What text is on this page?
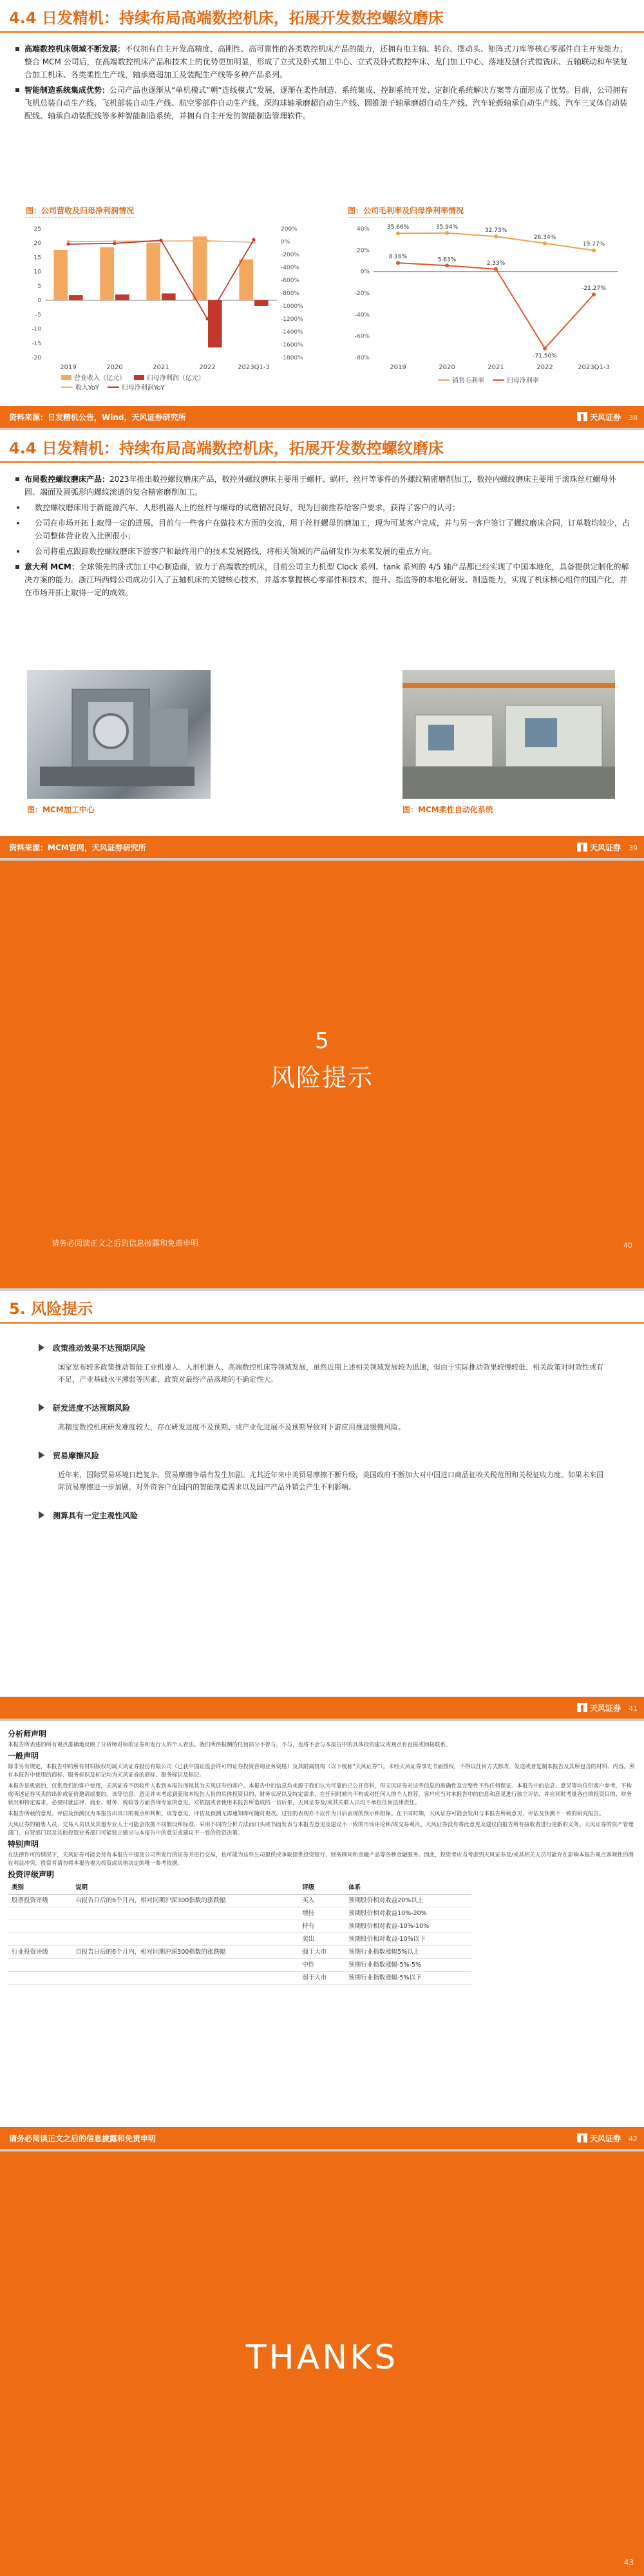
4.4 日发精机：持续布局高端数控机床，拓展开发数控螺纹磨床
高端数控机床领域不断发展：不仅拥有自主开发高精度、高刚性、高可靠性的各类数控机床产品的能力，还拥有电主轴、转台、摆动头、矩阵式刀库等核心零部件自主开发能力；整合 MCM 公司后，在高端数控机床产品和技术上的优势更加明显，形成了立式及卧式加工中心、立式及卧式数控车床、龙门加工中心、落地及刨台式镗铣床、五轴联动和车铣复合加工机床、各类柔性生产线，轴承磨超加工及装配生产线等多种产品系列。
智能制造系统集成优势：公司产品也逐渐从“单机模式”朝“连线模式”发展，逐渐在柔性制造、系统集成、控制系统开发、定制化系统解决方案等方面形成了优势。目前，公司拥有飞机总装自动生产线、飞机部装自动生产线、航空零部件自动生产线、深沟球轴承磨超自动生产线、圆锥滚子轴承磨超自动生产线、汽车轮毂轴承自动生产线、汽车三叉体自动装配线、轴承自动装配线等多种智能制造系统，并拥有自主开发的智能制造管理软件。
图：公司营收及归母净利润情况	图：公司毛利率及归母净利率情况
25
20
15
10
5
0
-5
-10
-15
-20
200%
0%
-200%
-400%
-600%
-800%
-1000%
-1200%
-1400%
-1600%
-1800%
2019	2020	2021	2022	2023Q1-3
营业收入（亿元）	归母净利润（亿元）
收入YoY	归母净利润YoY
40%
20%
0%
-20%
-40%
-60%
-80%
2019	2020	2021	2022	2023Q1-3
35.66%	35.94%
32.73%
26.34%
19.77%
8.16%	5.63%
2.33%
-71.50%
-21.27%
销售毛利率	归母净利率
资料来源：日发精机公告，Wind，天风证券研究所	天风证券 38
4.4 日发精机：持续布局高端数控机床，拓展开发数控螺纹磨床
布局数控螺纹磨床产品：2023年推出数控螺纹磨床产品，数控外螺纹磨床主要用于螺杆、蜗杆、丝杆等零件的外螺纹精密磨削加工，数控内螺纹磨床主要用于滚珠丝杠螺母外圆、端面及圆弧形内螺纹滚道的复合精密磨削加工。
数控螺纹磨床用于新能源汽车、人形机器人上的丝杆与螺母的试磨情况良好，现为目前推荐给客户要求，获得了客户的认可；
公司在市场开拓上取得一定的进展，目前与一些客户在做技术方面的交流，用于丝杆螺母的磨加工，现为可某客户完成，并与另一客户签订了螺纹磨床合同，订单数均较少，占公司整体营业收入比例很小；
公司将重点跟踪数控螺纹磨床下游客户和最终用户的技术发展路线，将相关领域的产品研发作为未来发展的重点方向。
意大利 MCM：全球领先的卧式加工中心制造商，致力于高端数控机床，目前公司主力机型 Clock 系列、tank 系列的 4/5 轴产品都已经实现了中国本地化，具备提供定制化的解决方案的能力。浙江玛西姆公司成功引入了五轴机床的关键核心技术，并基本掌握核心零部件和技术，提升、指监等的本地化研发、制造能力，实现了机床核心组件的国产化，并在市场开拓上取得一定的成效。
图：MCM加工中心	图：MCM柔性自动化系统
资料来源：MCM官网，天风证券研究所	天风证券 39
5
风险提示
请务必阅读正文之后的信息披露和免责申明	40
5. 风险提示
政策推动效果不达预期风险
国家发布较多政策推动智能工业机器人、人形机器人、高端数控机床等领域发展，虽然近期上述相关领域发展较为迅速，但由于实际推动效果较慢较低、相关政策对时效性或有不足，产业基础水平薄弱等因素，政策对最终产品落地的不确定性大。
研发进度不达预期风险
高精度数控机床研发难度较大，存在研发进度不及预期、或产业化进展不及预期导致对下游应用推进缓慢风险。
贸易摩擦风险
近年来，国际贸易环境日趋复杂，贸易摩擦争端有发生加剧。尤其近年来中美贸易摩擦不断升级，美国政府不断加大对中国进口商品征收关税范围和关税征收力度。如果未来国际贸易摩擦进一步加剧，对外资客户在国内的智能制造需求以及国产产品外销会产生不利影响。
测算具有一定主观性风险
天风证券 41
分析师声明

本报告所表述的所有观点准确地反映了分析师对标的证券和发行人的个人看法。我们所得报酬的任何部分不曾与，不与，也将不会与本报告中的具体投资建议或观点有直接或间接联系。

一般声明

除非另有规定，本报告中的所有材料版权均属天风证券股份有限公司（已获中国证监会许可的证券投资咨询业务资格）及其附属机构（以下统称“天风证券”）。未经天风证券事先书面授权，不得以任何方式修改、发送或者复制本报告及其所包含的材料、内容。所有本报告中使用的商标、服务标识及标记均为天风证券的商标、服务标识及标记。

本报告是机密的，仅供我们的客户使用，天风证券不因收件人收到本报告而视其为天风证券的客户。本报告中的信息均来源于我们认为可靠的已公开资料，但天风证券对这些信息的准确性及完整性不作任何保证。本报告中的信息、意见等均仅供客户参考，不构成所述证券买卖的出价或征价邀请或要约。该等信息、意见并未考虑到获取本报告人员的具体投资目的、财务状况以及特定需求，在任何时候均不构成对任何人的个人推荐。客户应当对本报告中的信息和意见进行独立评估，并应同时考量各自的投资目的、财务状况和特定需求，必要时就法律、商业、财务、税收等方面咨询专家的意见。对依据或者使用本报告所造成的一切后果，天风证券及/或其关联人员均不承担任何法律责任。

本报告所载的意见、评估及预测仅为本报告出具日的观点和判断。该等意见、评估及预测无需通知即可随时更改。过往的表现亦不应作为日后表现的预示和担保。在不同时期，天风证券可能会发出与本报告所载意见、评估及预测不一致的研究报告。

天风证券的销售人员、交易人员以及其他专业人士可能会依据不同假设和标准，采用不同的分析方法而口头或书面发表与本报告意见及建议不一致的市场评论和/或交易观点。天风证券没有将此意见及建议向报告所有接收者进行更新的义务。天风证券的资产管理部门、自营部门以及其他投资业务部门可能独立做出与本报告中的意见或建议不一致的投资决策。

特别声明

在法律许可的情况下，天风证券可能会持有本报告中提及公司所发行的证券并进行交易，也可能为这些公司提供或争取提供投资银行、财务顾问和金融产品等各种金融服务。因此，投资者应当考虑到天风证券及/或其相关人员可能存在影响本报告观点客观性的潜在利益冲突，投资者请勿将本报告视为投资或其他决定的唯一参考依据。

投资评级声明
类别	说明	评级	体系
股票投资评级	自报告日后的6个月内，相对同期沪深300指数的涨跌幅	买入	预期股价相对收益20%以上
		增持	预期股价相对收益10%-20%
		持有	预期股价相对收益-10%-10%
		卖出	预期股价相对收益-10%以下
行业投资评级	自报告日后的6个月内，相对同期沪深300指数的涨跌幅	强于大市	预期行业指数涨幅5%以上
		中性	预期行业指数涨幅-5%-5%
		弱于大市	预期行业指数涨幅-5%以下
请务必阅读正文之后的信息披露和免责申明	天风证券 42
THANKS
43
